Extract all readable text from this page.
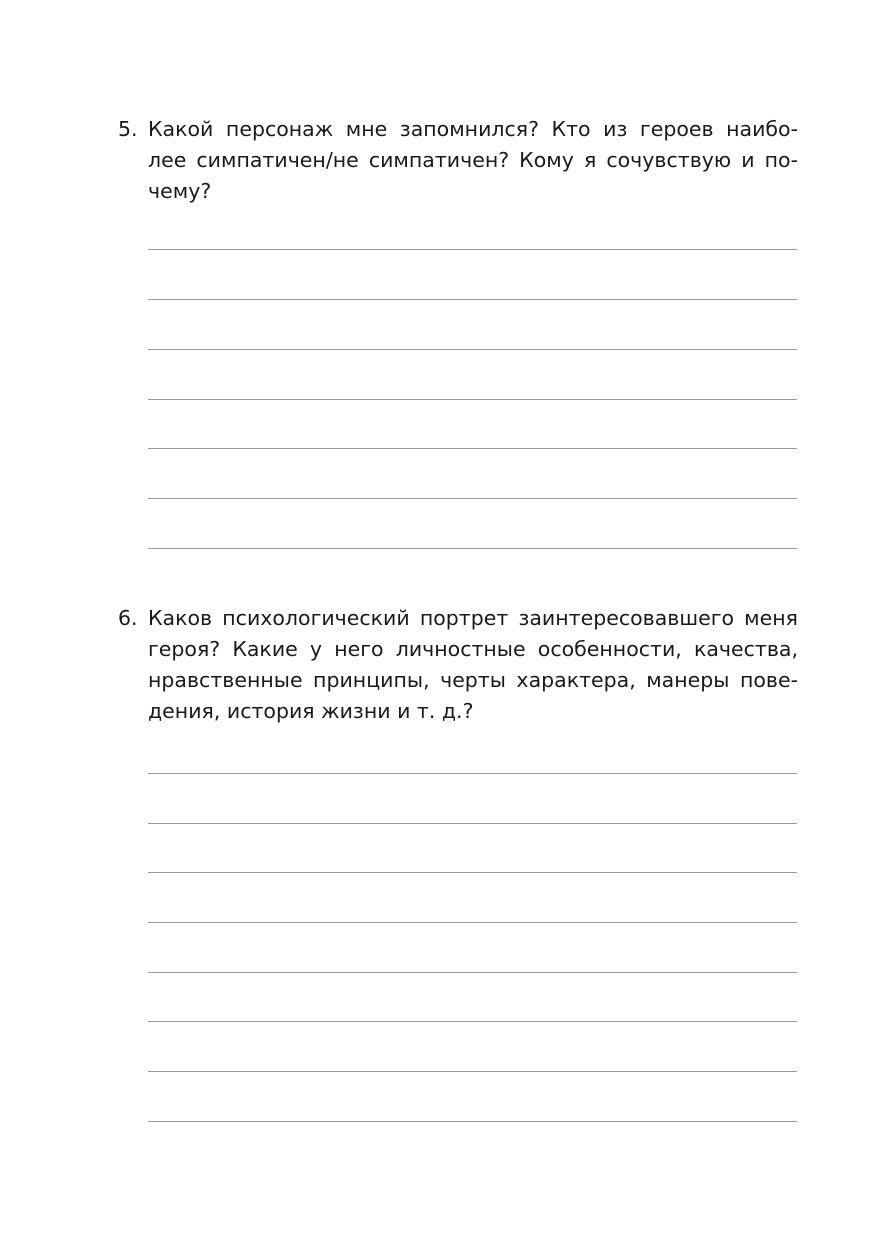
5. Какой персонаж мне запомнился? Кто из героев наибо-
лее симпатичен/не симпатичен? Кому я сочувствую и по-
чему?

6. Каков психологический портрет заинтересовавшего меня
героя? Какие у него личностные особенности, качества,
нравственные принципы, черты характера, манеры пове-
дения, история жизни и т. д.?
